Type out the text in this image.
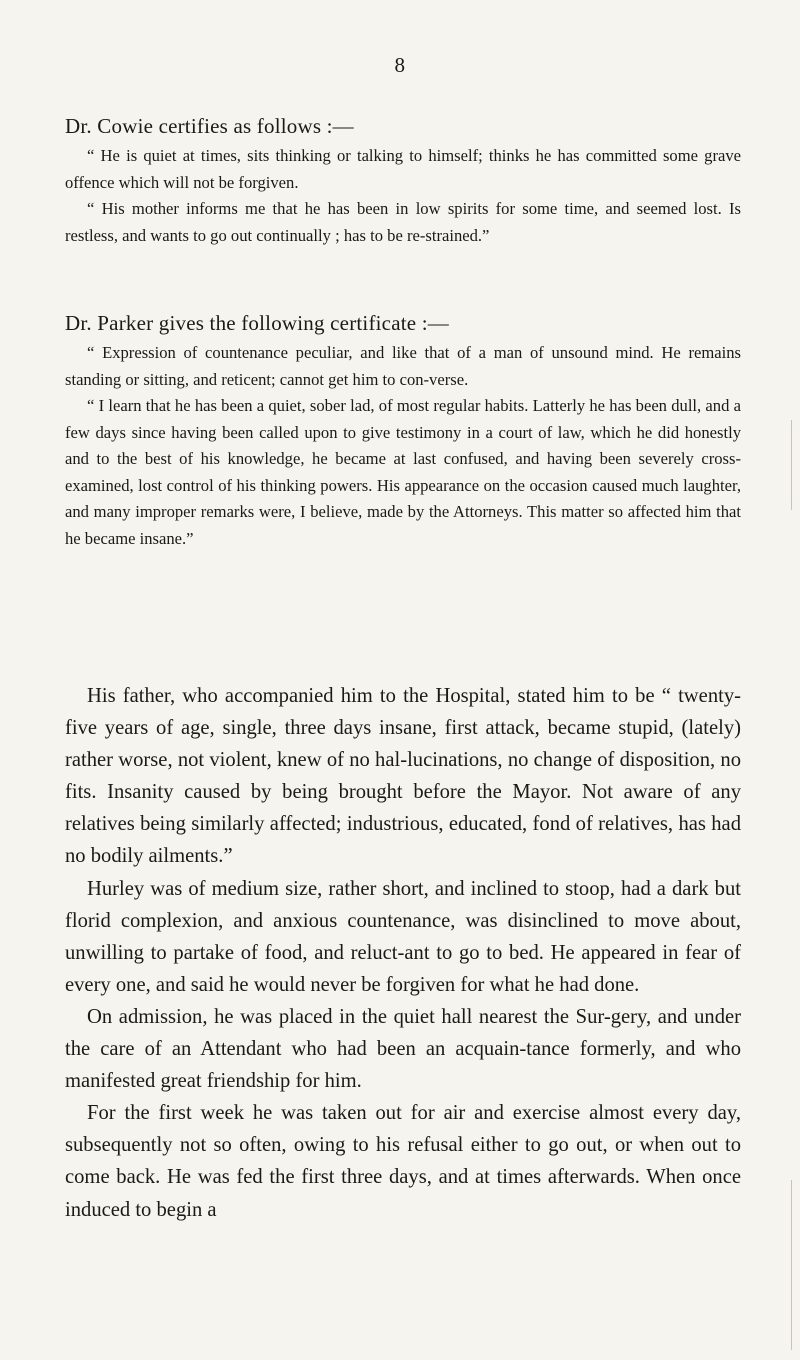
8

Dr. Cowie certifies as follows :—

“ He is quiet at times, sits thinking or talking to himself; thinks he has committed some grave offence which will not be forgiven.

“ His mother informs me that he has been in low spirits for some time, and seemed lost. Is restless, and wants to go out continually ; has to be re-strained.”

Dr. Parker gives the following certificate :—

“ Expression of countenance peculiar, and like that of a man of unsound mind. He remains standing or sitting, and reticent; cannot get him to con-verse.

“ I learn that he has been a quiet, sober lad, of most regular habits. Latterly he has been dull, and a few days since having been called upon to give testimony in a court of law, which he did honestly and to the best of his knowledge, he became at last confused, and having been severely cross-examined, lost control of his thinking powers. His appearance on the occasion caused much laughter, and many improper remarks were, I believe, made by the Attorneys. This matter so affected him that he became insane.”

His father, who accompanied him to the Hospital, stated him to be “ twenty-five years of age, single, three days insane, first attack, became stupid, (lately) rather worse, not violent, knew of no hal-lucinations, no change of disposition, no fits. Insanity caused by being brought before the Mayor. Not aware of any relatives being similarly affected; industrious, educated, fond of relatives, has had no bodily ailments.”

Hurley was of medium size, rather short, and inclined to stoop, had a dark but florid complexion, and anxious countenance, was disinclined to move about, unwilling to partake of food, and reluct-ant to go to bed. He appeared in fear of every one, and said he would never be forgiven for what he had done.

On admission, he was placed in the quiet hall nearest the Sur-gery, and under the care of an Attendant who had been an acquain-tance formerly, and who manifested great friendship for him.

For the first week he was taken out for air and exercise almost every day, subsequently not so often, owing to his refusal either to go out, or when out to come back. He was fed the first three days, and at times afterwards. When once induced to begin a
